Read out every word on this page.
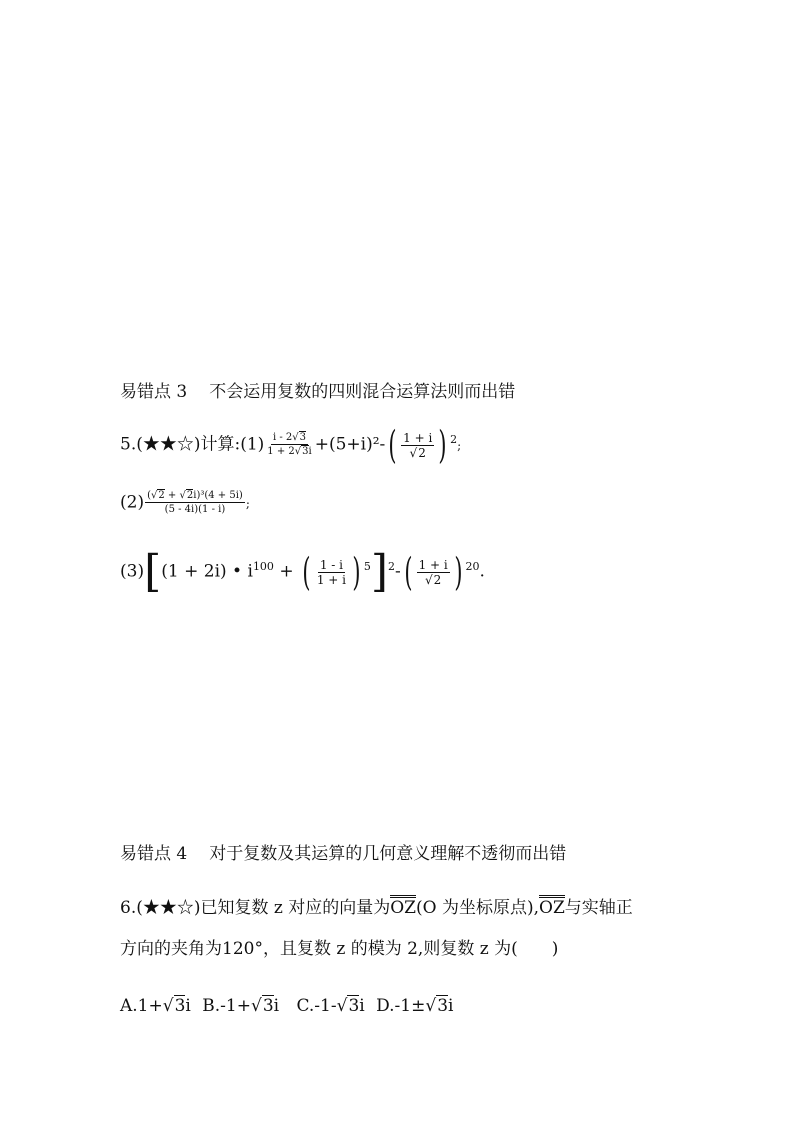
易错点 3 不会运用复数的四则混合运算法则而出错
5.(★★☆)计算:(1) $\frac{i - 2√3}{1 + 2√3i} +(5+i)^2-( \frac{1 + i}{√2}$ ) $^2$;
$(2) \frac{\text{(√2 + √2i)³(4 + 5i)}}{(5 - 4i)(1 - i)}$ ;
(3)[(1 + 2i) • $i^{100}$ + ( $\frac{1 - i}{1 + i}$ ) $^5]^2-( \frac{1 + i}{√2}$ ) $^{20}$.
易错点 4 对于复数及其运算的几何意义理解不透彻而出错
6.(★★☆)已知复数 z 对应的向量为OZ(O 为坐标原点),OZ与实轴正
方向的夹角为120°，且复数 z 的模为 2,则复数 z 为(　　)
A.1+√3i B.-1+√3i C.-1-√3i D.-1±√3i
